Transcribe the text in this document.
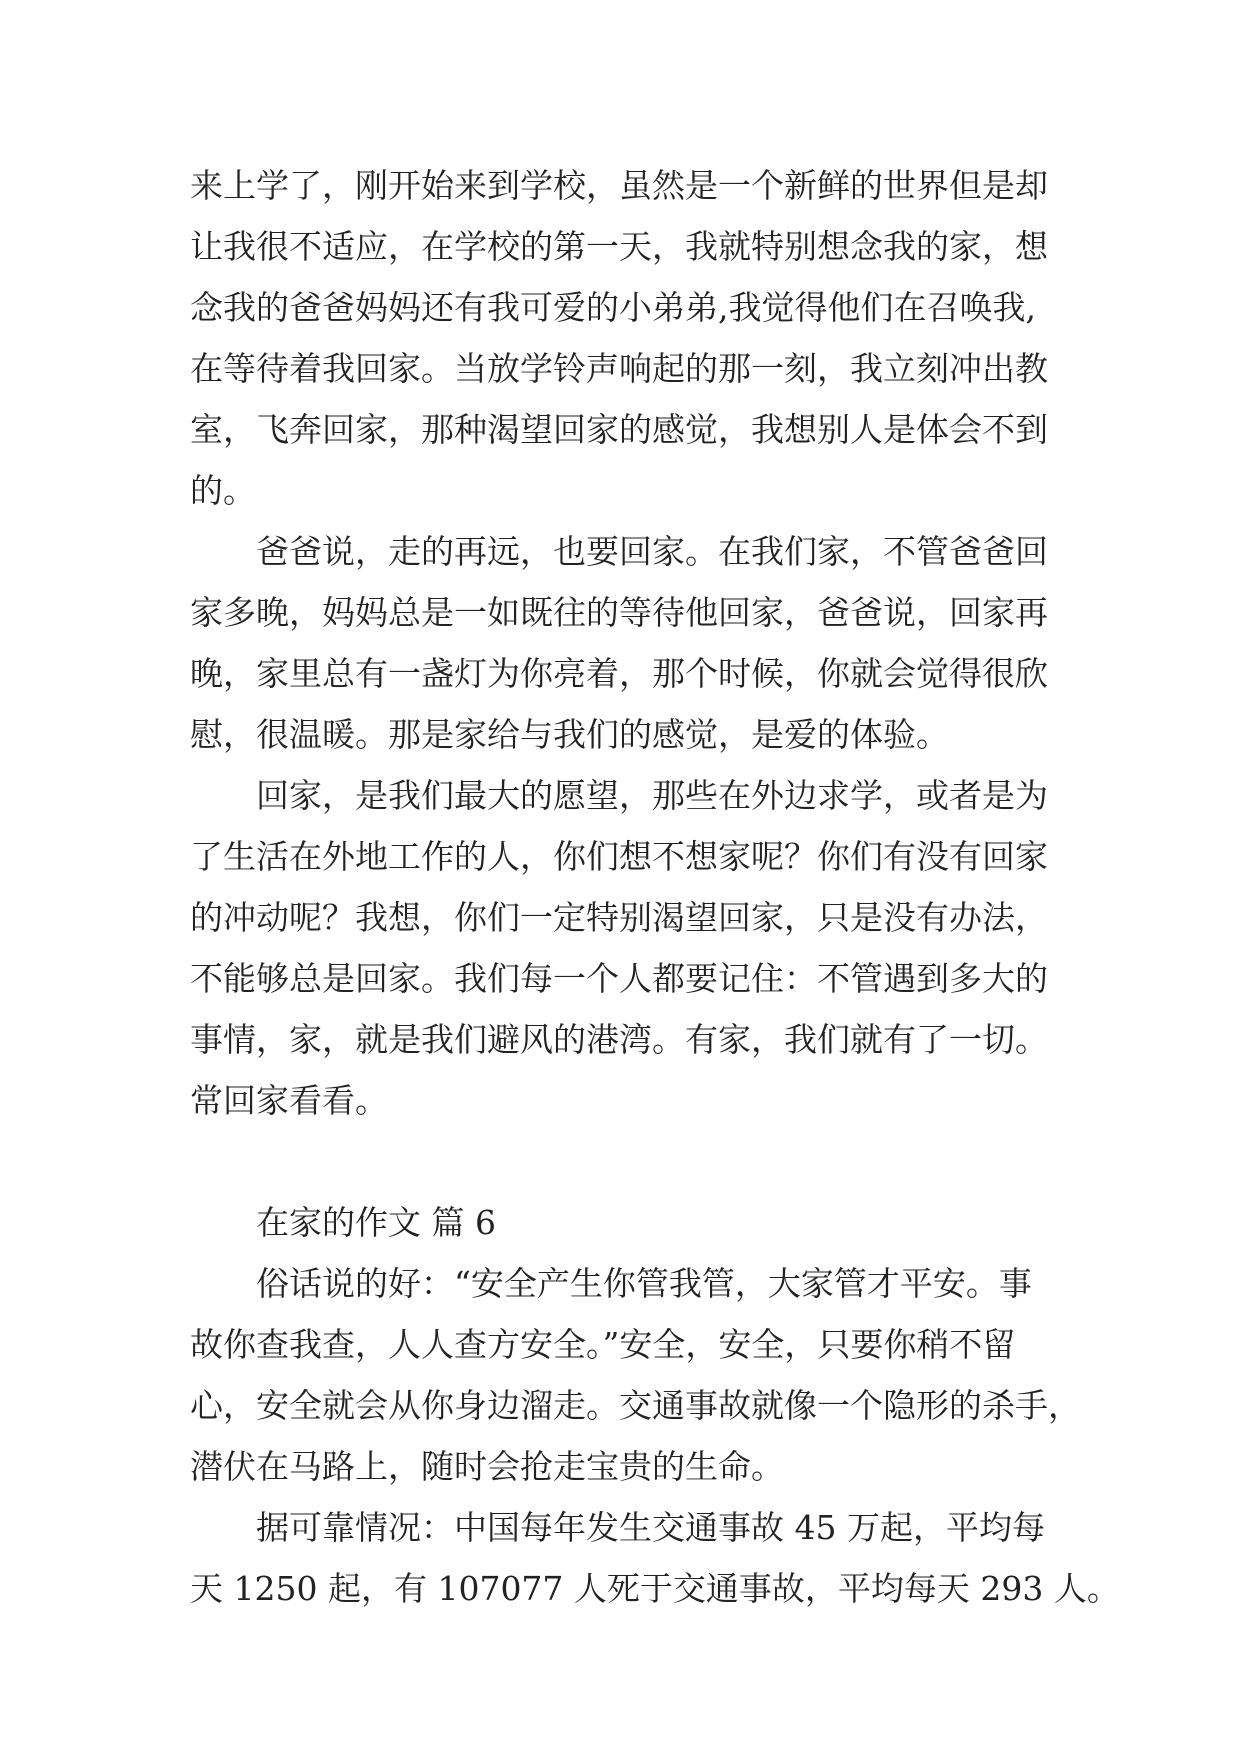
来上学了，刚开始来到学校，虽然是一个新鲜的世界但是却
让我很不适应，在学校的第一天，我就特别想念我的家，想
念我的爸爸妈妈还有我可爱的小弟弟,我觉得他们在召唤我,
在等待着我回家。当放学铃声响起的那一刻，我立刻冲出教
室，飞奔回家，那种渴望回家的感觉，我想别人是体会不到
的。
爸爸说，走的再远，也要回家。在我们家，不管爸爸回
家多晚，妈妈总是一如既往的等待他回家，爸爸说，回家再
晚，家里总有一盏灯为你亮着，那个时候，你就会觉得很欣
慰，很温暖。那是家给与我们的感觉，是爱的体验。
回家，是我们最大的愿望，那些在外边求学，或者是为
了生活在外地工作的人，你们想不想家呢？你们有没有回家
的冲动呢？我想，你们一定特别渴望回家，只是没有办法，
不能够总是回家。我们每一个人都要记住：不管遇到多大的
事情，家，就是我们避风的港湾。有家，我们就有了一切。
常回家看看。
在家的作文 篇 6
俗话说的好：“安全产生你管我管，大家管才平安。事
故你查我查，人人查方安全。”安全，安全，只要你稍不留
心，安全就会从你身边溜走。交通事故就像一个隐形的杀手，
潜伏在马路上，随时会抢走宝贵的生命。
据可靠情况：中国每年发生交通事故 45 万起，平均每
天 1250 起，有 107077 人死于交通事故，平均每天 293 人。
